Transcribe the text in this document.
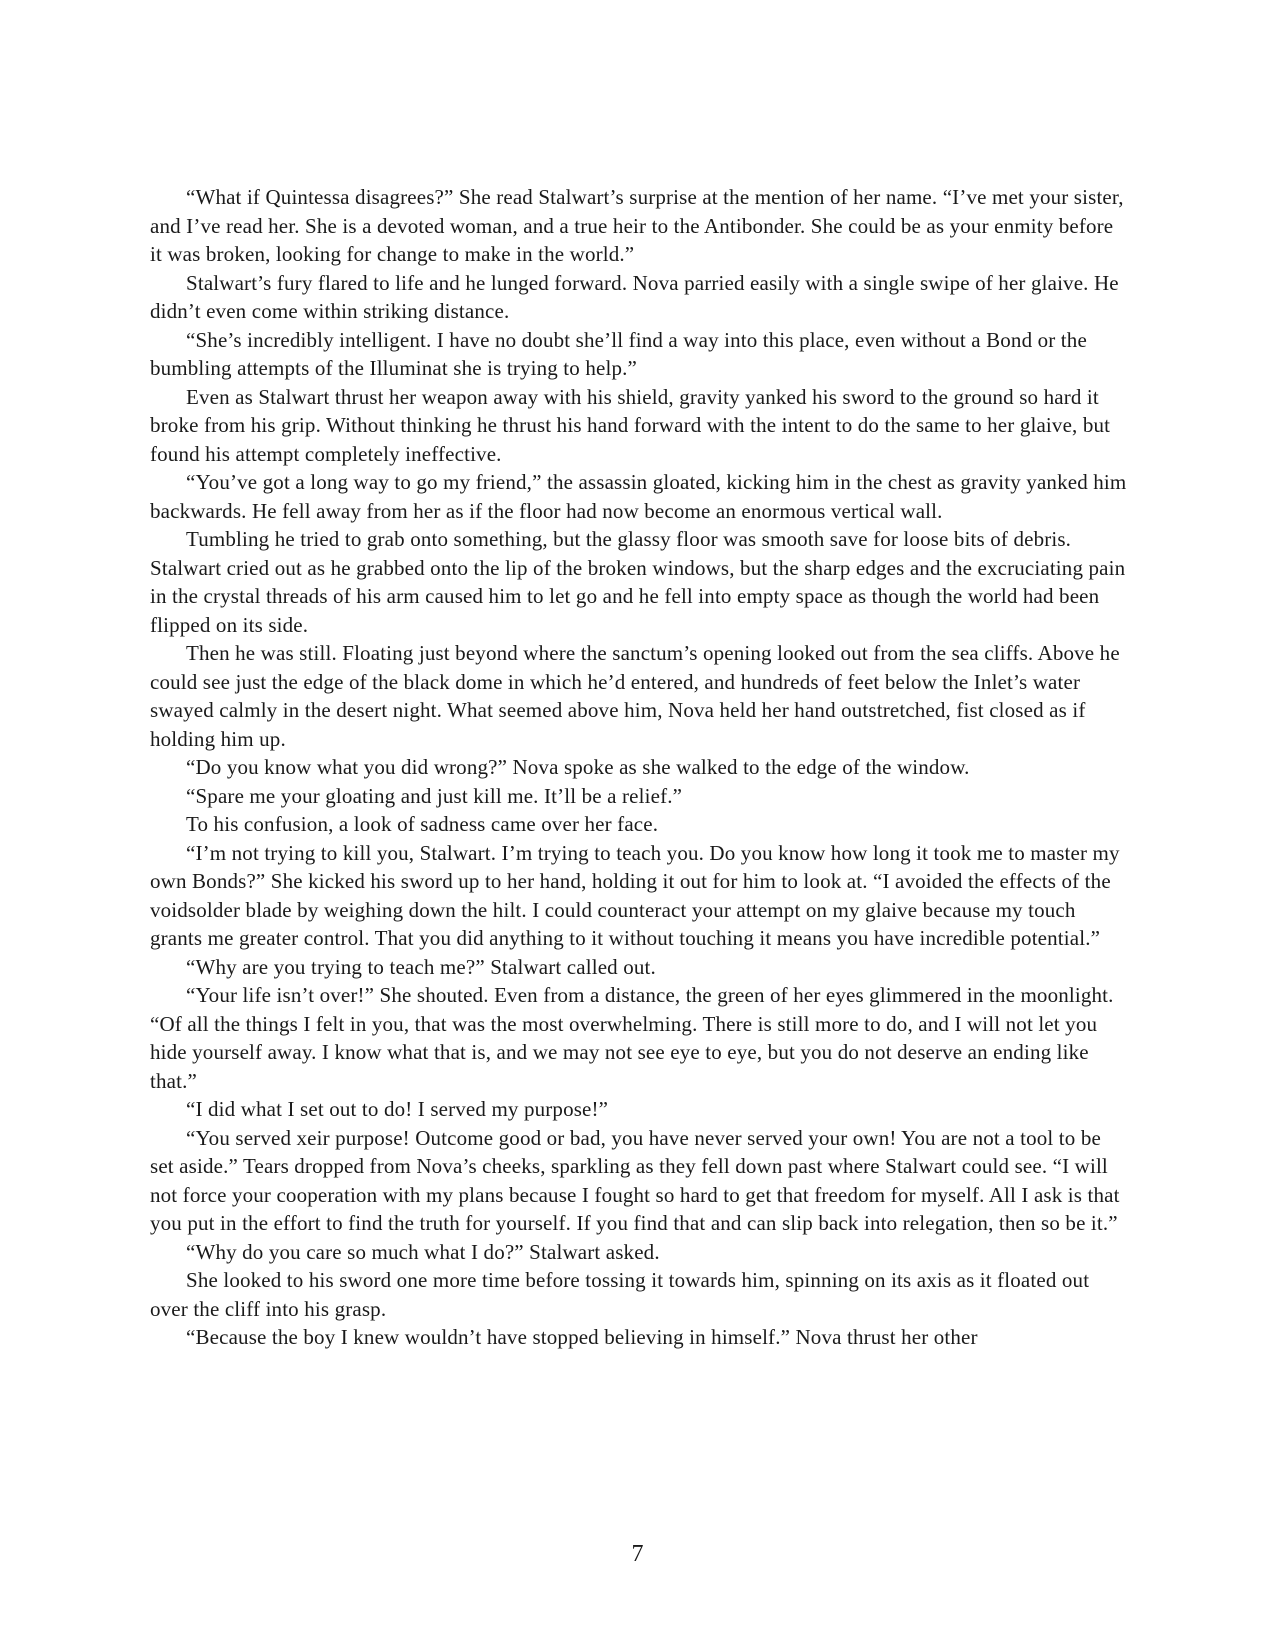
“What if Quintessa disagrees?” She read Stalwart’s surprise at the mention of her name. “I’ve met your sister, and I’ve read her. She is a devoted woman, and a true heir to the Antibonder. She could be as your enmity before it was broken, looking for change to make in the world.”

Stalwart’s fury flared to life and he lunged forward. Nova parried easily with a single swipe of her glaive. He didn’t even come within striking distance.

“She’s incredibly intelligent. I have no doubt she’ll find a way into this place, even without a Bond or the bumbling attempts of the Illuminat she is trying to help.”

Even as Stalwart thrust her weapon away with his shield, gravity yanked his sword to the ground so hard it broke from his grip. Without thinking he thrust his hand forward with the intent to do the same to her glaive, but found his attempt completely ineffective.

“You’ve got a long way to go my friend,” the assassin gloated, kicking him in the chest as gravity yanked him backwards. He fell away from her as if the floor had now become an enormous vertical wall.

Tumbling he tried to grab onto something, but the glassy floor was smooth save for loose bits of debris. Stalwart cried out as he grabbed onto the lip of the broken windows, but the sharp edges and the excruciating pain in the crystal threads of his arm caused him to let go and he fell into empty space as though the world had been flipped on its side.

Then he was still. Floating just beyond where the sanctum’s opening looked out from the sea cliffs. Above he could see just the edge of the black dome in which he’d entered, and hundreds of feet below the Inlet’s water swayed calmly in the desert night. What seemed above him, Nova held her hand outstretched, fist closed as if holding him up.

“Do you know what you did wrong?” Nova spoke as she walked to the edge of the window.

“Spare me your gloating and just kill me. It’ll be a relief.”

To his confusion, a look of sadness came over her face.

“I’m not trying to kill you, Stalwart. I’m trying to teach you. Do you know how long it took me to master my own Bonds?” She kicked his sword up to her hand, holding it out for him to look at. “I avoided the effects of the voidsolder blade by weighing down the hilt. I could counteract your attempt on my glaive because my touch grants me greater control. That you did anything to it without touching it means you have incredible potential.”

“Why are you trying to teach me?” Stalwart called out.

“Your life isn’t over!” She shouted. Even from a distance, the green of her eyes glimmered in the moonlight. “Of all the things I felt in you, that was the most overwhelming. There is still more to do, and I will not let you hide yourself away. I know what that is, and we may not see eye to eye, but you do not deserve an ending like that.”

“I did what I set out to do! I served my purpose!”

“You served xeir purpose! Outcome good or bad, you have never served your own! You are not a tool to be set aside.” Tears dropped from Nova’s cheeks, sparkling as they fell down past where Stalwart could see. “I will not force your cooperation with my plans because I fought so hard to get that freedom for myself. All I ask is that you put in the effort to find the truth for yourself. If you find that and can slip back into relegation, then so be it.”

“Why do you care so much what I do?” Stalwart asked.

She looked to his sword one more time before tossing it towards him, spinning on its axis as it floated out over the cliff into his grasp.

“Because the boy I knew wouldn’t have stopped believing in himself.” Nova thrust her other

7
